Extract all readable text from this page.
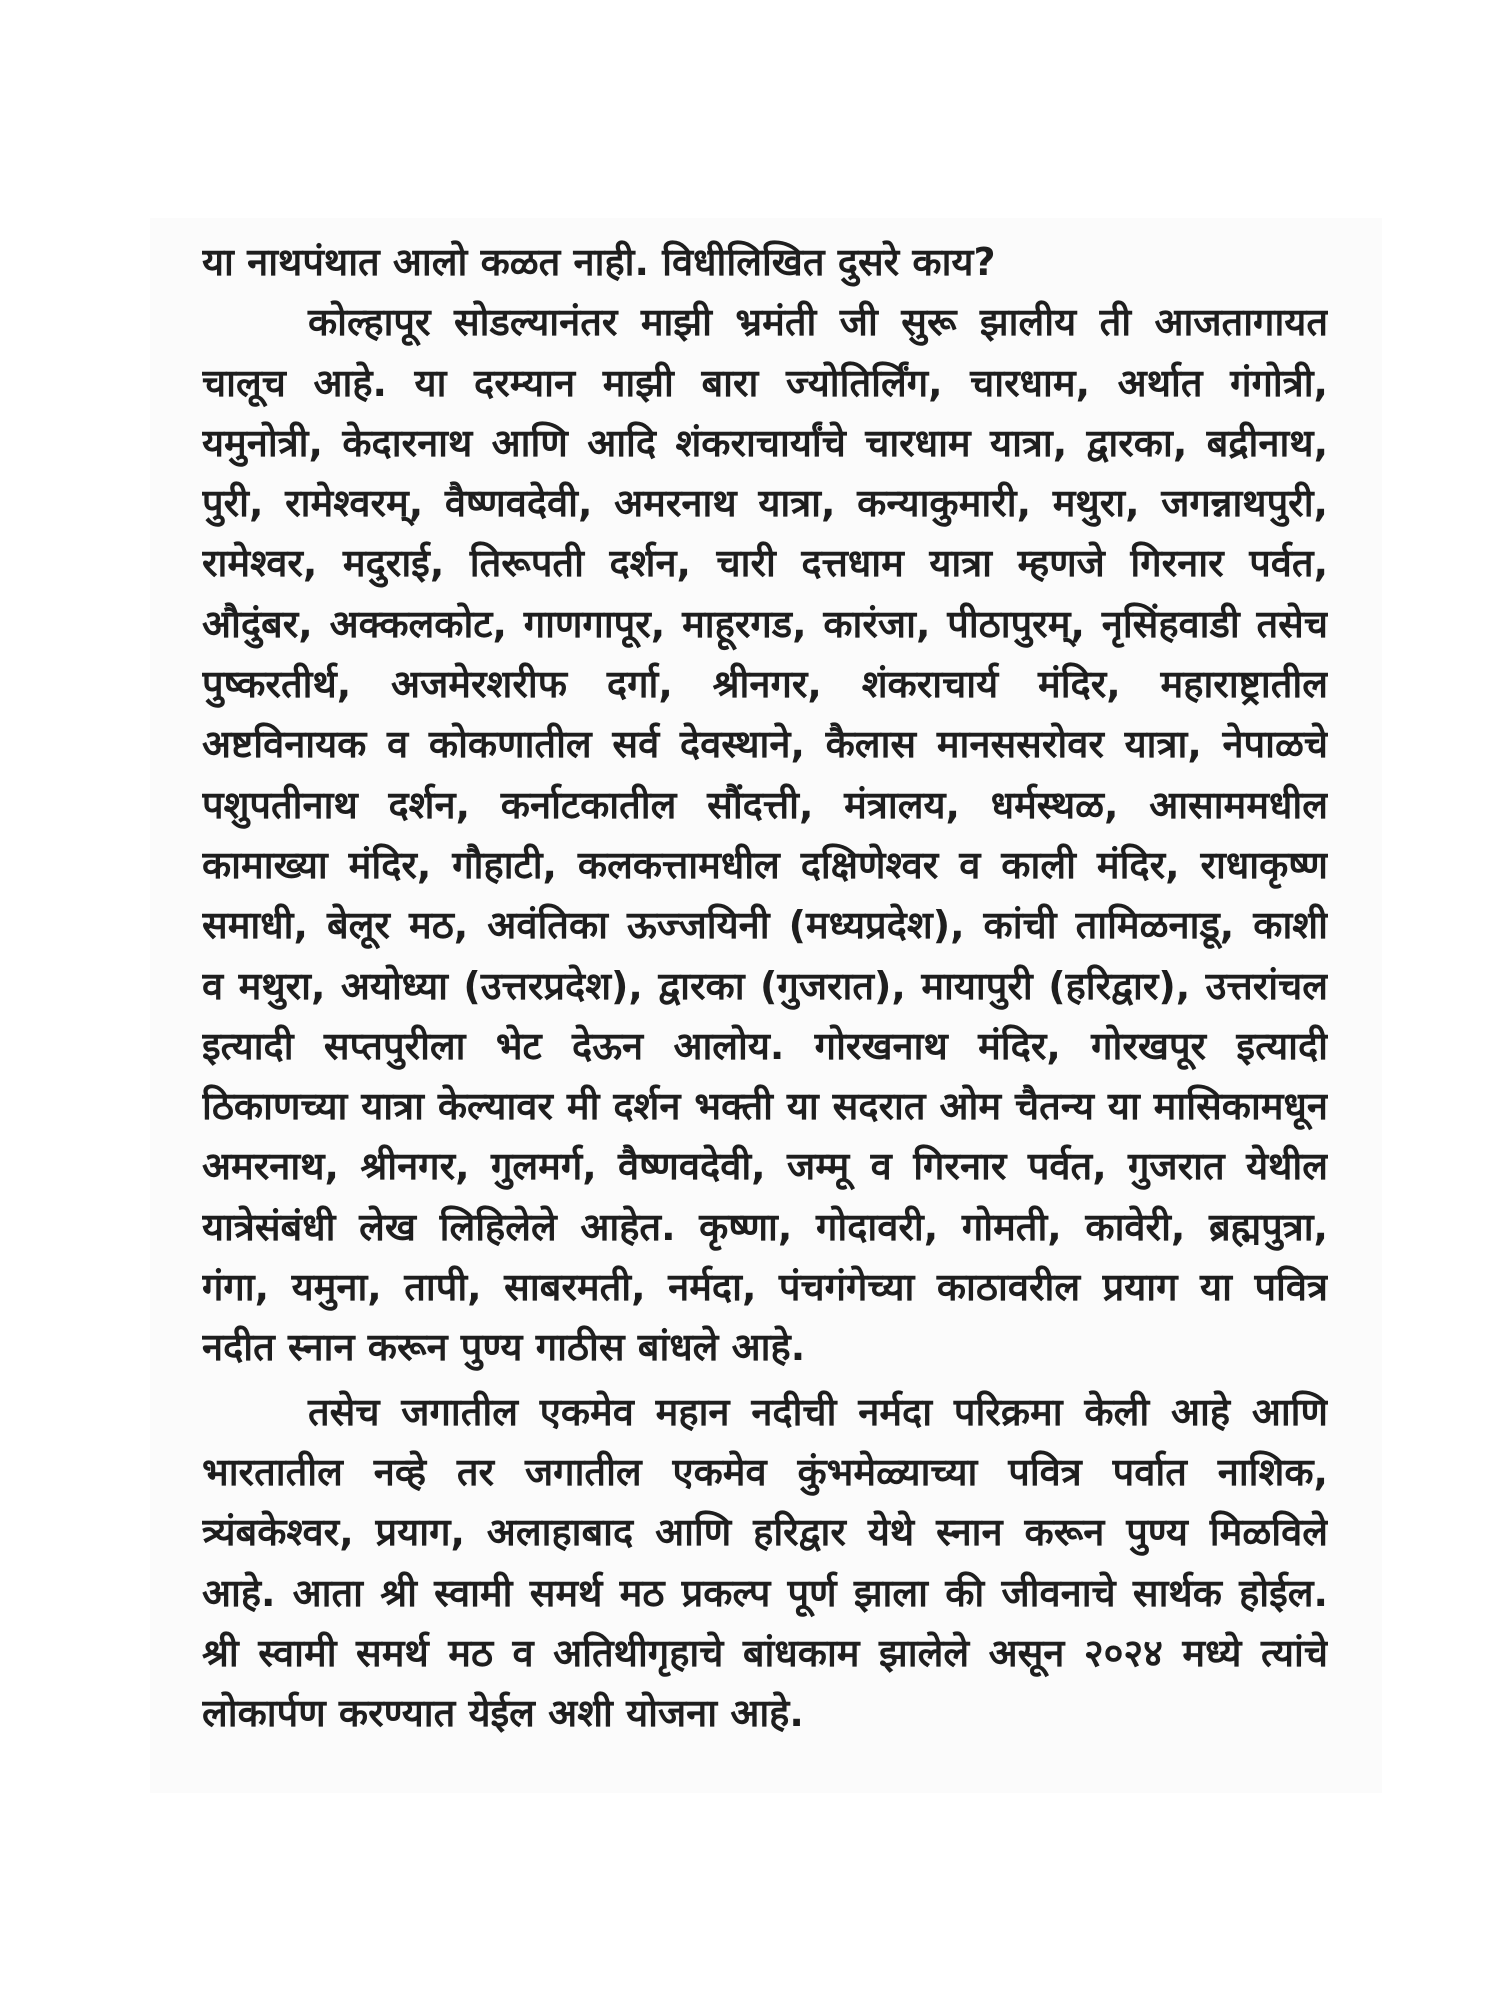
या नाथपंथात आलो कळत नाही. विधीलिखित दुसरे काय?
कोल्हापूर सोडल्यानंतर माझी भ्रमंती जी सुरू झालीय ती आजतागायत
चालूच आहे. या दरम्यान माझी बारा ज्योतिर्लिंग, चारधाम, अर्थात गंगोत्री,
यमुनोत्री, केदारनाथ आणि आदि शंकराचार्यांचे चारधाम यात्रा, द्वारका, बद्रीनाथ,
पुरी, रामेश्वरम्, वैष्णवदेवी, अमरनाथ यात्रा, कन्याकुमारी, मथुरा, जगन्नाथपुरी,
रामेश्वर, मदुराई, तिरूपती दर्शन, चारी दत्तधाम यात्रा म्हणजे गिरनार पर्वत,
औदुंबर, अक्कलकोट, गाणगापूर, माहूरगड, कारंजा, पीठापुरम्, नृसिंहवाडी तसेच
पुष्करतीर्थ, अजमेरशरीफ दर्गा, श्रीनगर, शंकराचार्य मंदिर, महाराष्ट्रातील
अष्टविनायक व कोकणातील सर्व देवस्थाने, कैलास मानससरोवर यात्रा, नेपाळचे
पशुपतीनाथ दर्शन, कर्नाटकातील सौंदत्ती, मंत्रालय, धर्मस्थळ, आसाममधील
कामाख्या मंदिर, गौहाटी, कलकत्तामधील दक्षिणेश्वर व काली मंदिर, राधाकृष्ण
समाधी, बेलूर मठ, अवंतिका ऊज्जयिनी (मध्यप्रदेश), कांची तामिळनाडू, काशी
व मथुरा, अयोध्या (उत्तरप्रदेश), द्वारका (गुजरात), मायापुरी (हरिद्वार), उत्तरांचल
इत्यादी सप्तपुरीला भेट देऊन आलोय. गोरखनाथ मंदिर, गोरखपूर इत्यादी
ठिकाणच्या यात्रा केल्यावर मी दर्शन भक्ती या सदरात ओम चैतन्य या मासिकामधून
अमरनाथ, श्रीनगर, गुलमर्ग, वैष्णवदेवी, जम्मू व गिरनार पर्वत, गुजरात येथील
यात्रेसंबंधी लेख लिहिलेले आहेत. कृष्णा, गोदावरी, गोमती, कावेरी, ब्रह्मपुत्रा,
गंगा, यमुना, तापी, साबरमती, नर्मदा, पंचगंगेच्या काठावरील प्रयाग या पवित्र
नदीत स्नान करून पुण्य गाठीस बांधले आहे.
तसेच जगातील एकमेव महान नदीची नर्मदा परिक्रमा केली आहे आणि
भारतातील नव्हे तर जगातील एकमेव कुंभमेळ्याच्या पवित्र पर्वात नाशिक,
त्र्यंबकेश्वर, प्रयाग, अलाहाबाद आणि हरिद्वार येथे स्नान करून पुण्य मिळविले
आहे. आता श्री स्वामी समर्थ मठ प्रकल्प पूर्ण झाला की जीवनाचे सार्थक होईल.
श्री स्वामी समर्थ मठ व अतिथीगृहाचे बांधकाम झालेले असून २०२४ मध्ये त्यांचे
लोकार्पण करण्यात येईल अशी योजना आहे.
